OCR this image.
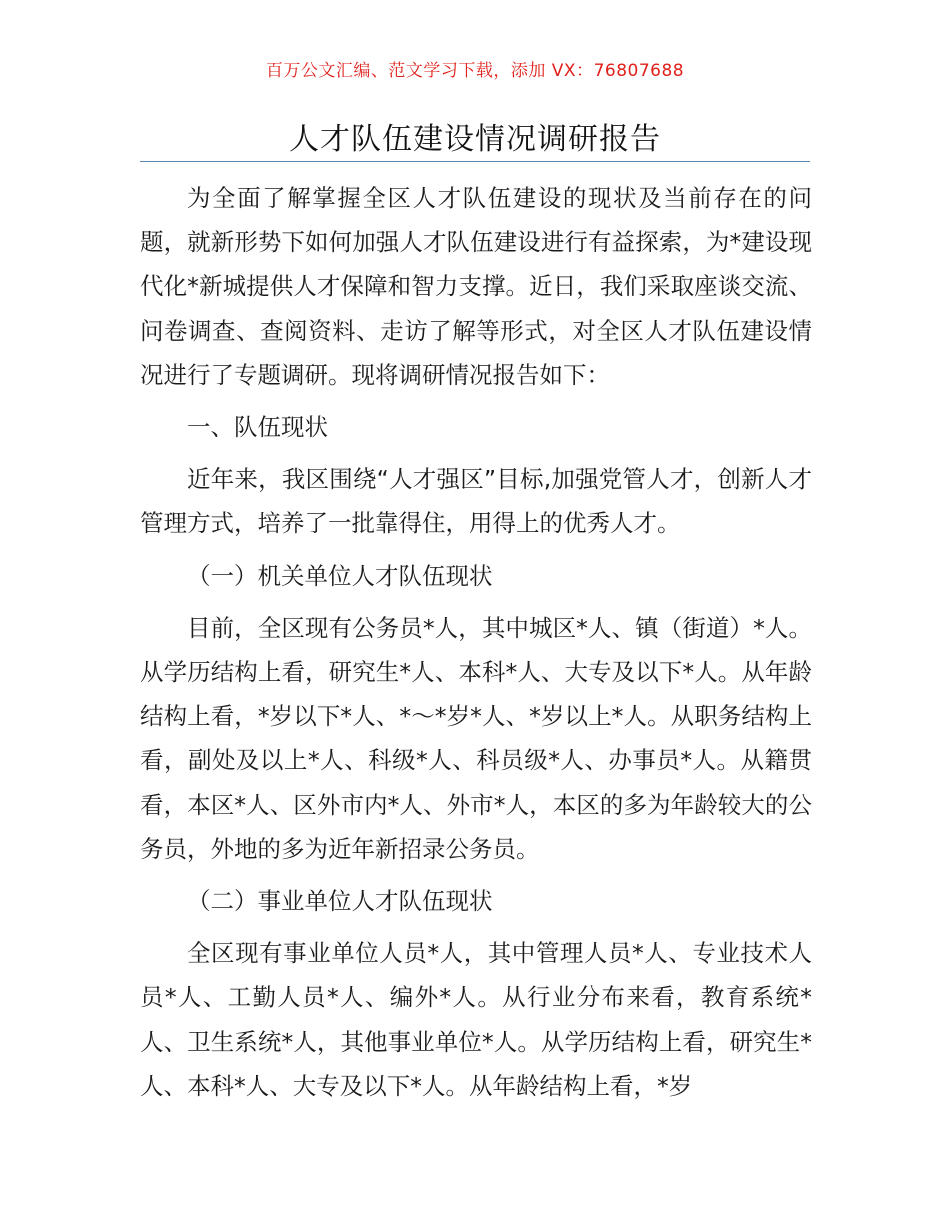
百万公文汇编、范文学习下载，添加 VX：76807688
人才队伍建设情况调研报告

为全面了解掌握全区人才队伍建设的现状及当前存在的问题，就新形势下如何加强人才队伍建设进行有益探索，为*建设现代化*新城提供人才保障和智力支撑。近日，我们采取座谈交流、问卷调查、查阅资料、走访了解等形式，对全区人才队伍建设情况进行了专题调研。现将调研情况报告如下：

一、队伍现状

近年来，我区围绕“人才强区”目标,加强党管人才，创新人才管理方式，培养了一批靠得住，用得上的优秀人才。

（一）机关单位人才队伍现状

目前，全区现有公务员*人，其中城区*人、镇（街道）*人。从学历结构上看，研究生*人、本科*人、大专及以下*人。从年龄结构上看，*岁以下*人、*～*岁*人、*岁以上*人。从职务结构上看，副处及以上*人、科级*人、科员级*人、办事员*人。从籍贯看，本区*人、区外市内*人、外市*人，本区的多为年龄较大的公务员，外地的多为近年新招录公务员。

（二）事业单位人才队伍现状

全区现有事业单位人员*人，其中管理人员*人、专业技术人员*人、工勤人员*人、编外*人。从行业分布来看，教育系统*人、卫生系统*人，其他事业单位*人。从学历结构上看，研究生*人、本科*人、大专及以下*人。从年龄结构上看，*岁
